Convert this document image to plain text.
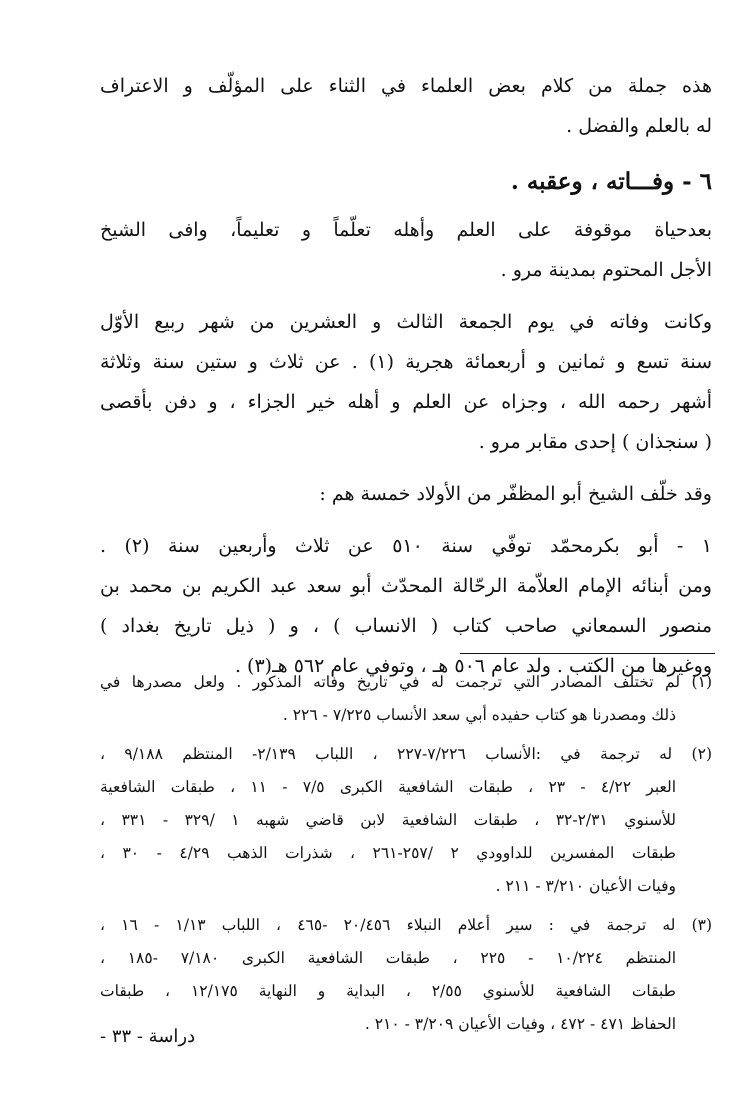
هذه جملة من كلام بعض العلماء في الثناء على المؤلّف و الاعتراف
له بالعلم والفضل .
٦ - وفـــاته ، وعقبه .
بعدحياة موقوفة على العلم وأهله تعلّماً و تعليماً، وافى الشيخ
الأجل المحتوم بمدينة مرو .
وكانت وفاته في يوم الجمعة الثالث و العشرين من شهر ربيع الأوّل
سنة تسع و ثمانين و أربعمائة هجرية (١) . عن ثلاث و ستين سنة وثلاثة
أشهر رحمه الله ، وجزاه عن العلم و أهله خير الجزاء ، و دفن بأقصى
( سنجذان ) إحدى مقابر مرو .
وقد خلّف الشيخ أبو المظفّر من الأولاد خمسة هم :
١ - أبو بكرمحمّد توفّي سنة ٥١٠ عن ثلاث وأربعين سنة (٢) .
ومن أبنائه الإمام العلاّمة الرحّالة المحدّث أبو سعد عبد الكريم بن محمد بن
منصور السمعاني صاحب كتاب ( الانساب ) ، و ( ذيل تاريخ بغداد )
ووغيرها من الكتب . ولد عام ٥٠٦ هـ ، وتوفي عام ٥٦٢ هـ(٣) .
(١) لم تختلف المصادر التي ترجمت له في تاريخ وفاته المذكور . ولعل مصدرها في
ذلك ومصدرنا هو كتاب حفيده أبي سعد الأنساب ٧/٢٢٥ - ٢٢٦ .
(٢) له ترجمة في :الأنساب ٧/٢٢٦-٢٢٧ ، اللباب ٢/١٣٩- المنتظم ٩/١٨٨ ،
العبر ٤/٢٢ - ٢٣ ، طبقات الشافعية الكبرى ٧/٥ - ١١ ، طبقات الشافعية
للأسنوي ٢/٣١-٣٢ ، طبقات الشافعية لابن قاضي شهبه ١ /٣٢٩ - ٣٣١ ،
طبقات المفسرين للداوودي ٢ /٢٥٧-٢٦١ ، شذرات الذهب ٤/٢٩ - ٣٠ ،
وفيات الأعيان ٣/٢١٠ - ٢١١ .
(٣) له ترجمة في : سير أعلام النبلاء ٢٠/٤٥٦ -٤٦٥ ، اللباب ١/١٣ - ١٦ ،
المنتظم ١٠/٢٢٤ - ٢٢٥ ، طبقات الشافعية الكبرى ٧/١٨٠ -١٨٥ ،
طبقات الشافعية للأسنوي ٢/٥٥ ، البداية و النهاية ١٢/١٧٥ ، طبقات
الحفاظ ٤٧١ - ٤٧٢ ، وفيات الأعيان ٣/٢٠٩ - ٢١٠ .
دراسة - ٣٣ -
